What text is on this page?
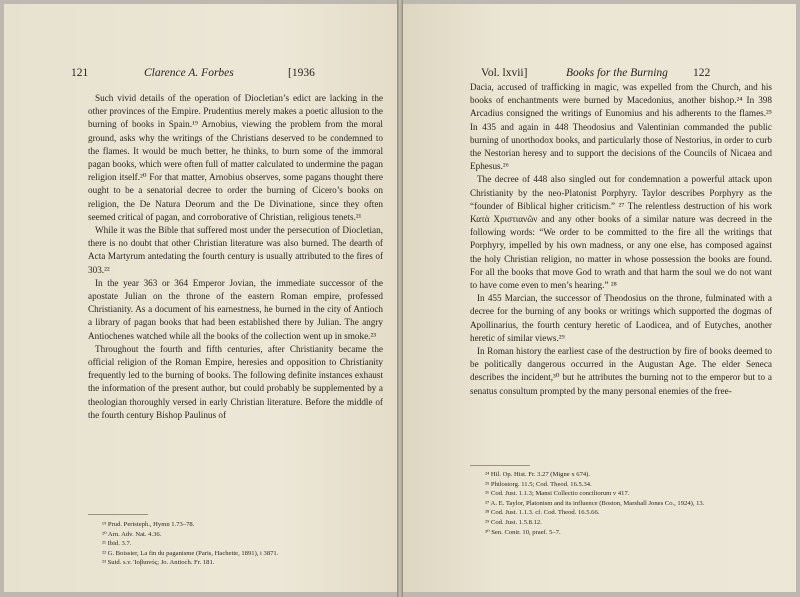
121	Clarence A. Forbes	[1936

Such vivid details of the operation of Diocletian’s edict are lacking in the other provinces of the Empire. Prudentius merely makes a poetic allusion to the burning of books in Spain.¹⁹ Arnobius, viewing the problem from the moral ground, asks why the writings of the Christians deserved to be condemned to the flames. It would be much better, he thinks, to burn some of the immoral pagan books, which were often full of matter calculated to undermine the pagan religion itself.²⁰ For that matter, Arnobius observes, some pagans thought there ought to be a senatorial decree to order the burning of Cicero’s books on religion, the De Natura Deorum and the De Divinatione, since they often seemed critical of pagan, and corroborative of Christian, religious tenets.²¹

While it was the Bible that suffered most under the persecution of Diocletian, there is no doubt that other Christian literature was also burned. The dearth of Acta Martyrum antedating the fourth century is usually attributed to the fires of 303.²²

In the year 363 or 364 Emperor Jovian, the immediate successor of the apostate Julian on the throne of the eastern Roman empire, professed Christianity. As a document of his earnestness, he burned in the city of Antioch a library of pagan books that had been established there by Julian. The angry Antiochenes watched while all the books of the collection went up in smoke.²³

Throughout the fourth and fifth centuries, after Christianity became the official religion of the Roman Empire, heresies and opposition to Christianity frequently led to the burning of books. The following definite instances exhaust the information of the present author, but could probably be supplemented by a theologian thoroughly versed in early Christian literature. Before the middle of the fourth century Bishop Paulinus of

¹⁹ Prud. Peristeph., Hymn 1.73–78.
²⁰ Arn. Adv. Nat. 4.36.
²¹ Ibid. 3.7.
²² G. Boissier, La fin du paganisme (Paris, Hachette, 1891), i 3871.
²³ Suid. s.v. Ἰοβιανός; Jo. Antioch. Fr. 181.
Vol. lxvii]	Books for the Burning 122

Dacia, accused of trafficking in magic, was expelled from the Church, and his books of enchantments were burned by Macedonius, another bishop.²⁴ In 398 Arcadius consigned the writings of Eunomius and his adherents to the flames.²⁵ In 435 and again in 448 Theodosius and Valentinian commanded the public burning of unorthodox books, and particularly those of Nestorius, in order to curb the Nestorian heresy and to support the decisions of the Councils of Nicaea and Ephesus.²⁶

The decree of 448 also singled out for condemnation a powerful attack upon Christianity by the neo-Platonist Porphyry. Taylor describes Porphyry as the “founder of Biblical higher criticism.” ²⁷ The relentless destruction of his work Κατὰ Χριστιανῶν and any other books of a similar nature was decreed in the following words: “We order to be committed to the fire all the writings that Porphyry, impelled by his own madness, or any one else, has composed against the holy Christian religion, no matter in whose possession the books are found. For all the books that move God to wrath and that harm the soul we do not want to have come even to men’s hearing.” ²⁸

In 455 Marcian, the successor of Theodosius on the throne, fulminated with a decree for the burning of any books or writings which supported the dogmas of Apollinarius, the fourth century heretic of Laodicea, and of Eutyches, another heretic of similar views.²⁹

In Roman history the earliest case of the destruction by fire of books deemed to be politically dangerous occurred in the Augustan Age. The elder Seneca describes the incident,³⁰ but he attributes the burning not to the emperor but to a senatus consultum prompted by the many personal enemies of the free-

²⁴ Hil. Op. Hist. Fr. 3.27 (Migne x 674).
²⁵ Philostorg. 11.5; Cod. Theod. 16.5.34.
²⁶ Cod. Just. 1.1.3; Mansi Collectio conciliorum v 417.
²⁷ A. E. Taylor, Platonism and its influence (Boston, Marshall Jones Co., 1924), 13.
²⁸ Cod. Just. 1.1.3. cf. Cod. Theod. 16.5.66.
²⁹ Cod. Just. 1.5.8.12.
³⁰ Sen. Contr. 10, praef. 5–7.
